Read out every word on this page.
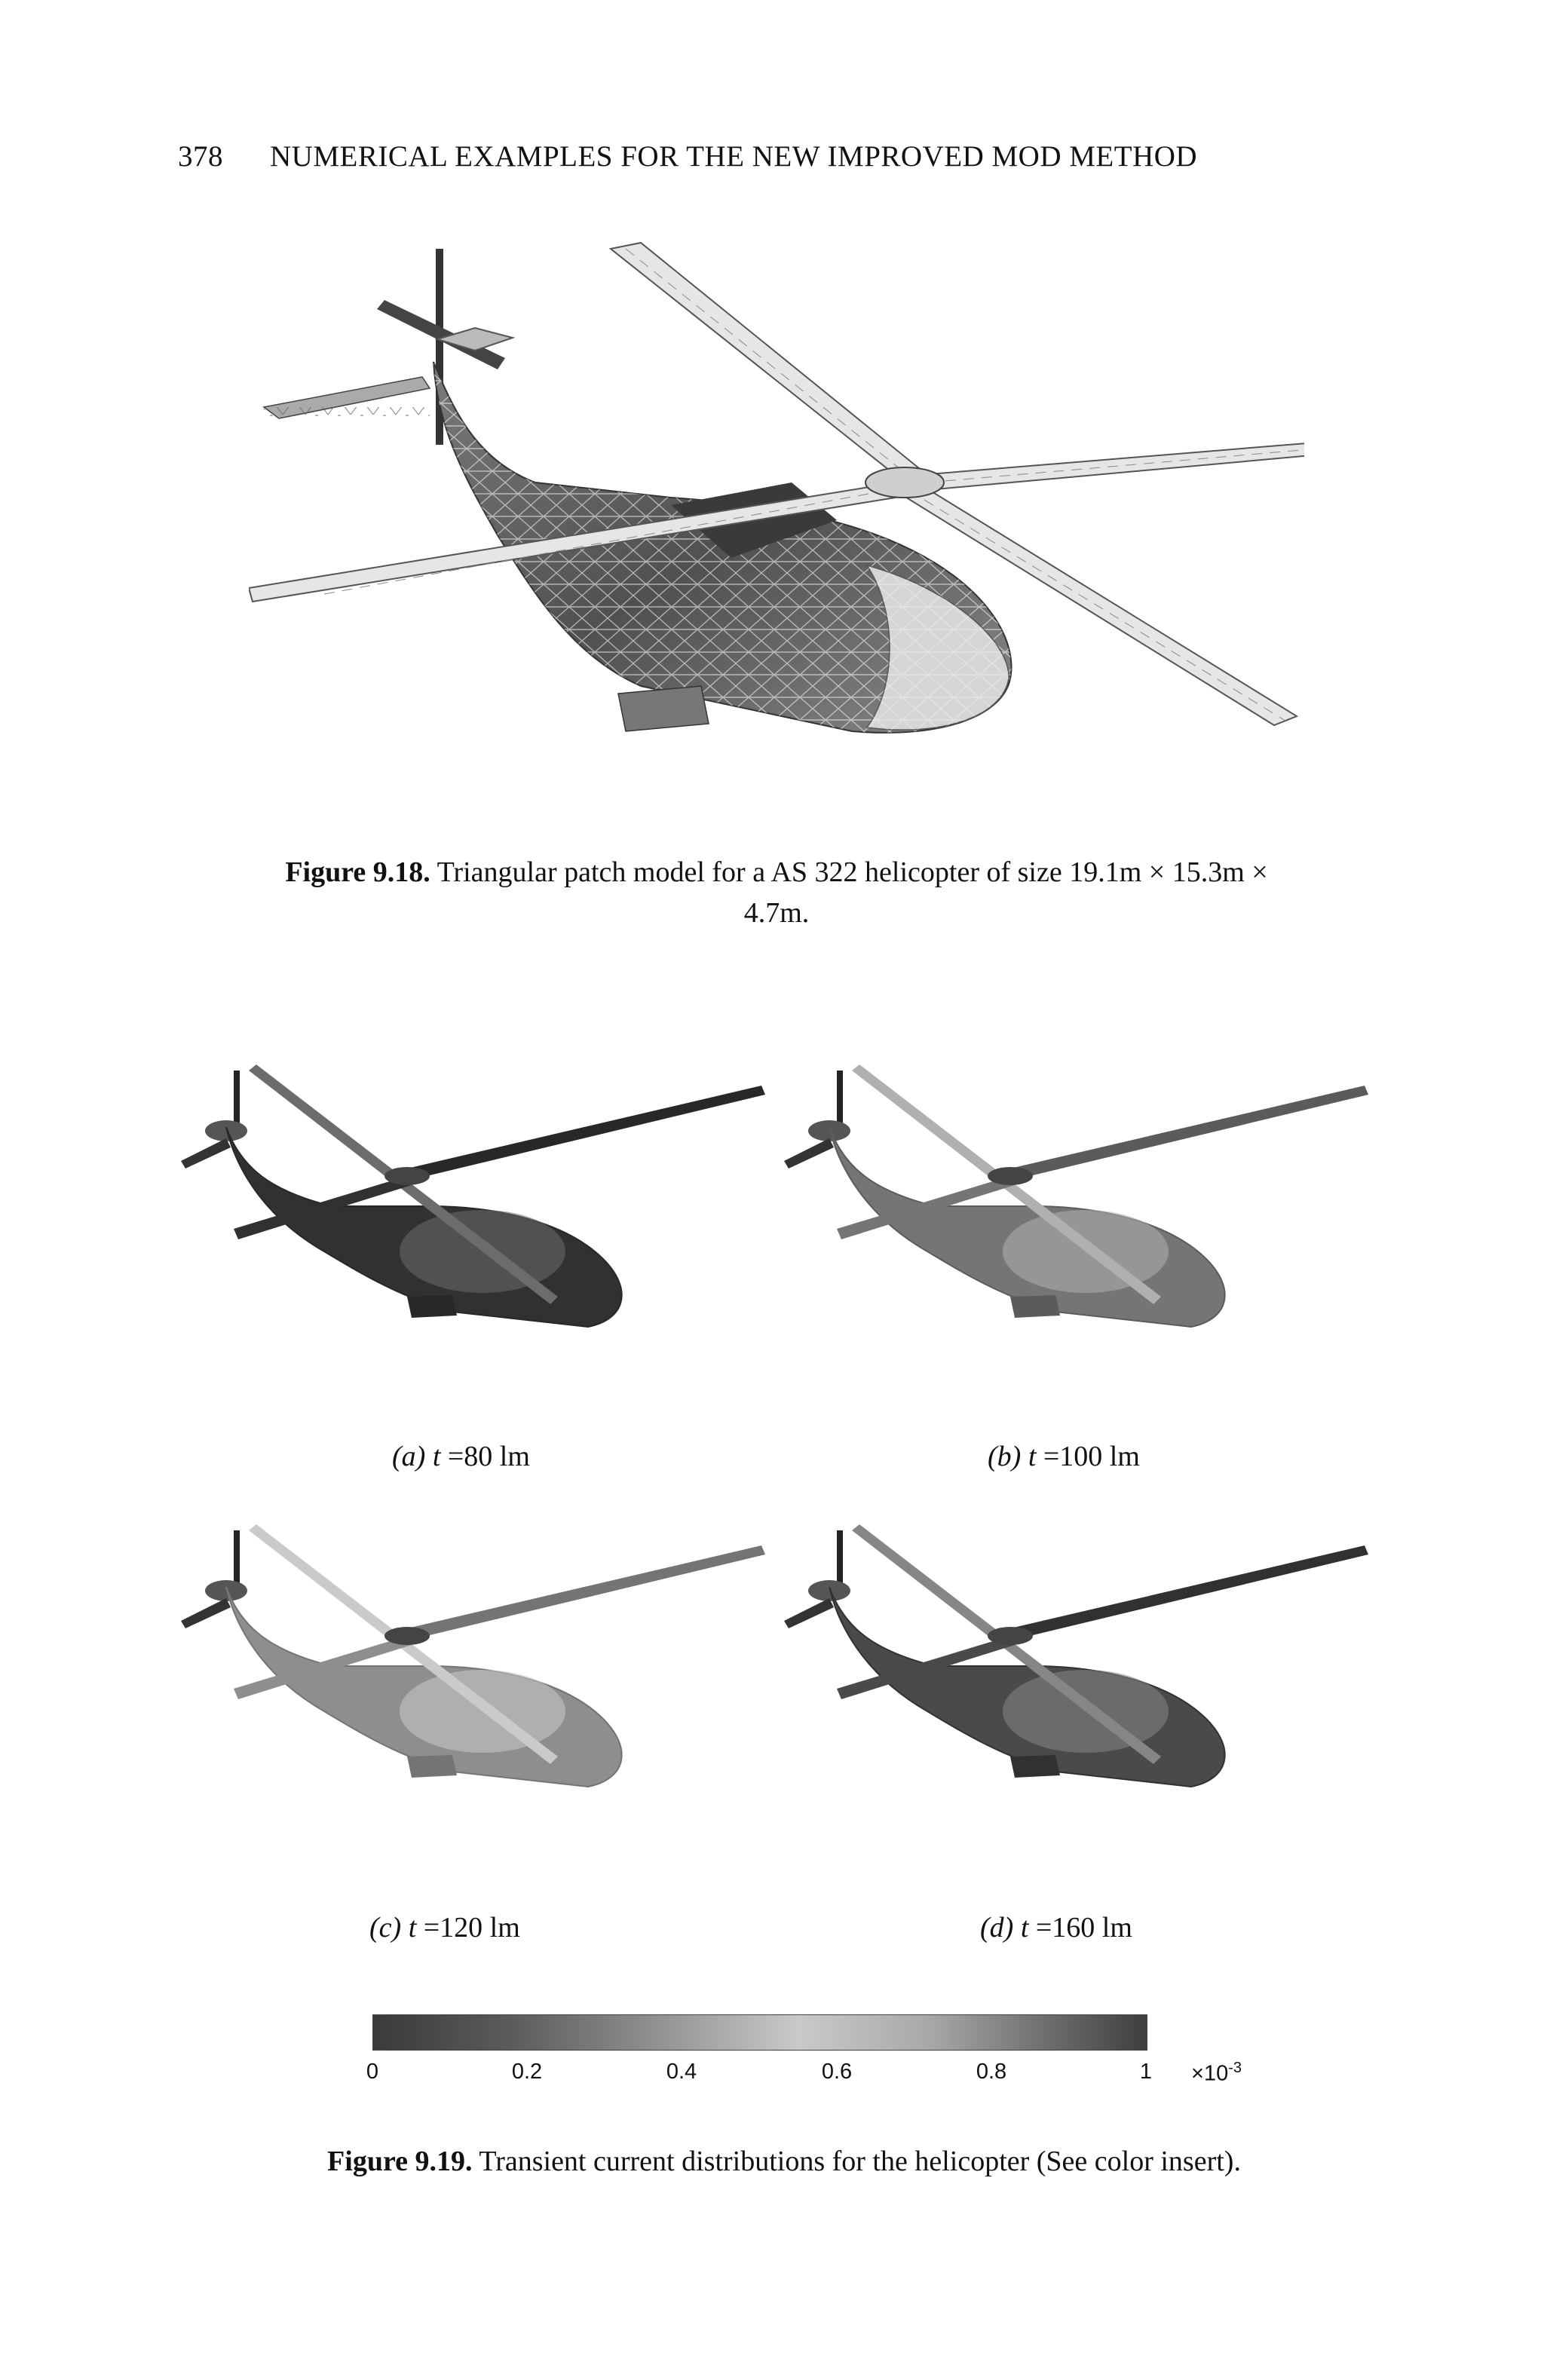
378 NUMERICAL EXAMPLES FOR THE NEW IMPROVED MOD METHOD
Figure 9.18. Triangular patch model for a AS 322 helicopter of size 19.1m × 15.3m ×
4.7m.
(a) t =80 lm	(b) t =100 lm
(c) t =120 lm	(d) t =160 lm
0	0.2	0.4	0.6	0.8	$1 \times 10^{-3}$
Figure 9.19. Transient current distributions for the helicopter (See color insert).
